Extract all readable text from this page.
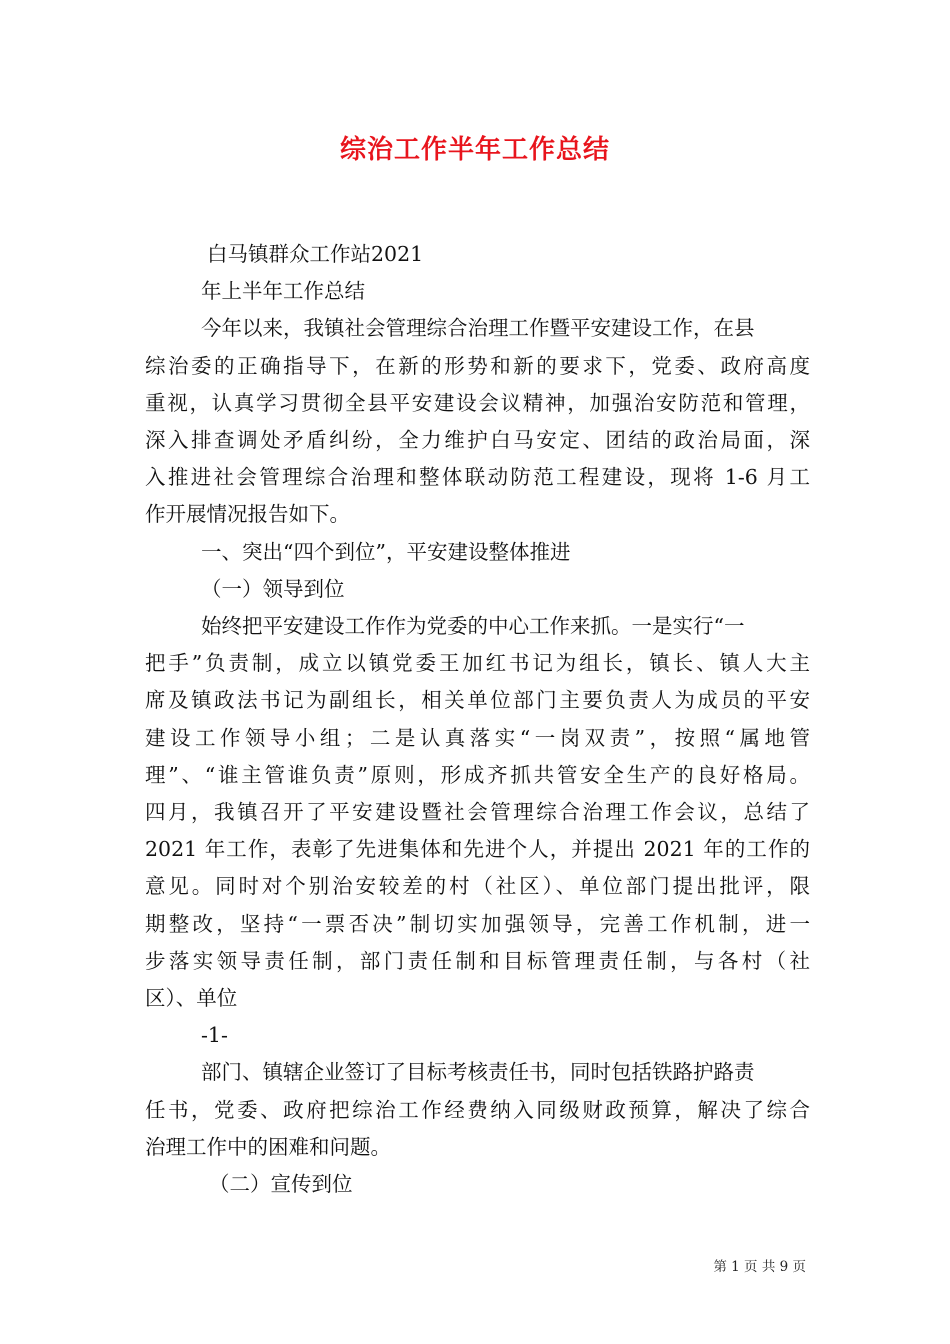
综治工作半年工作总结
白马镇群众工作站2021
年上半年工作总结
今年以来，我镇社会管理综合治理工作暨平安建设工作，在县
综治委的正确指导下，在新的形势和新的要求下，党委、政府高度
重视，认真学习贯彻全县平安建设会议精神，加强治安防范和管理，
深入排查调处矛盾纠纷，全力维护白马安定、团结的政治局面，深
入推进社会管理综合治理和整体联动防范工程建设，现将 1-6 月工
作开展情况报告如下。
一、突出“四个到位”，平安建设整体推进
（一）领导到位
始终把平安建设工作作为党委的中心工作来抓。一是实行“一
把手”负责制，成立以镇党委王加红书记为组长，镇长、镇人大主
席及镇政法书记为副组长，相关单位部门主要负责人为成员的平安
建设工作领导小组；二是认真落实“一岗双责”，按照“属地管
理”、“谁主管谁负责”原则，形成齐抓共管安全生产的良好格局。
四月，我镇召开了平安建设暨社会管理综合治理工作会议，总结了
2021 年工作，表彰了先进集体和先进个人，并提出 2021 年的工作的
意见。同时对个别治安较差的村（社区）、单位部门提出批评，限
期整改，坚持“一票否决”制切实加强领导，完善工作机制，进一
步落实领导责任制，部门责任制和目标管理责任制，与各村（社
区）、单位
-1-
部门、镇辖企业签订了目标考核责任书，同时包括铁路护路责
任书，党委、政府把综治工作经费纳入同级财政预算，解决了综合
治理工作中的困难和问题。
（二）宣传到位
第 1 页 共 9 页
